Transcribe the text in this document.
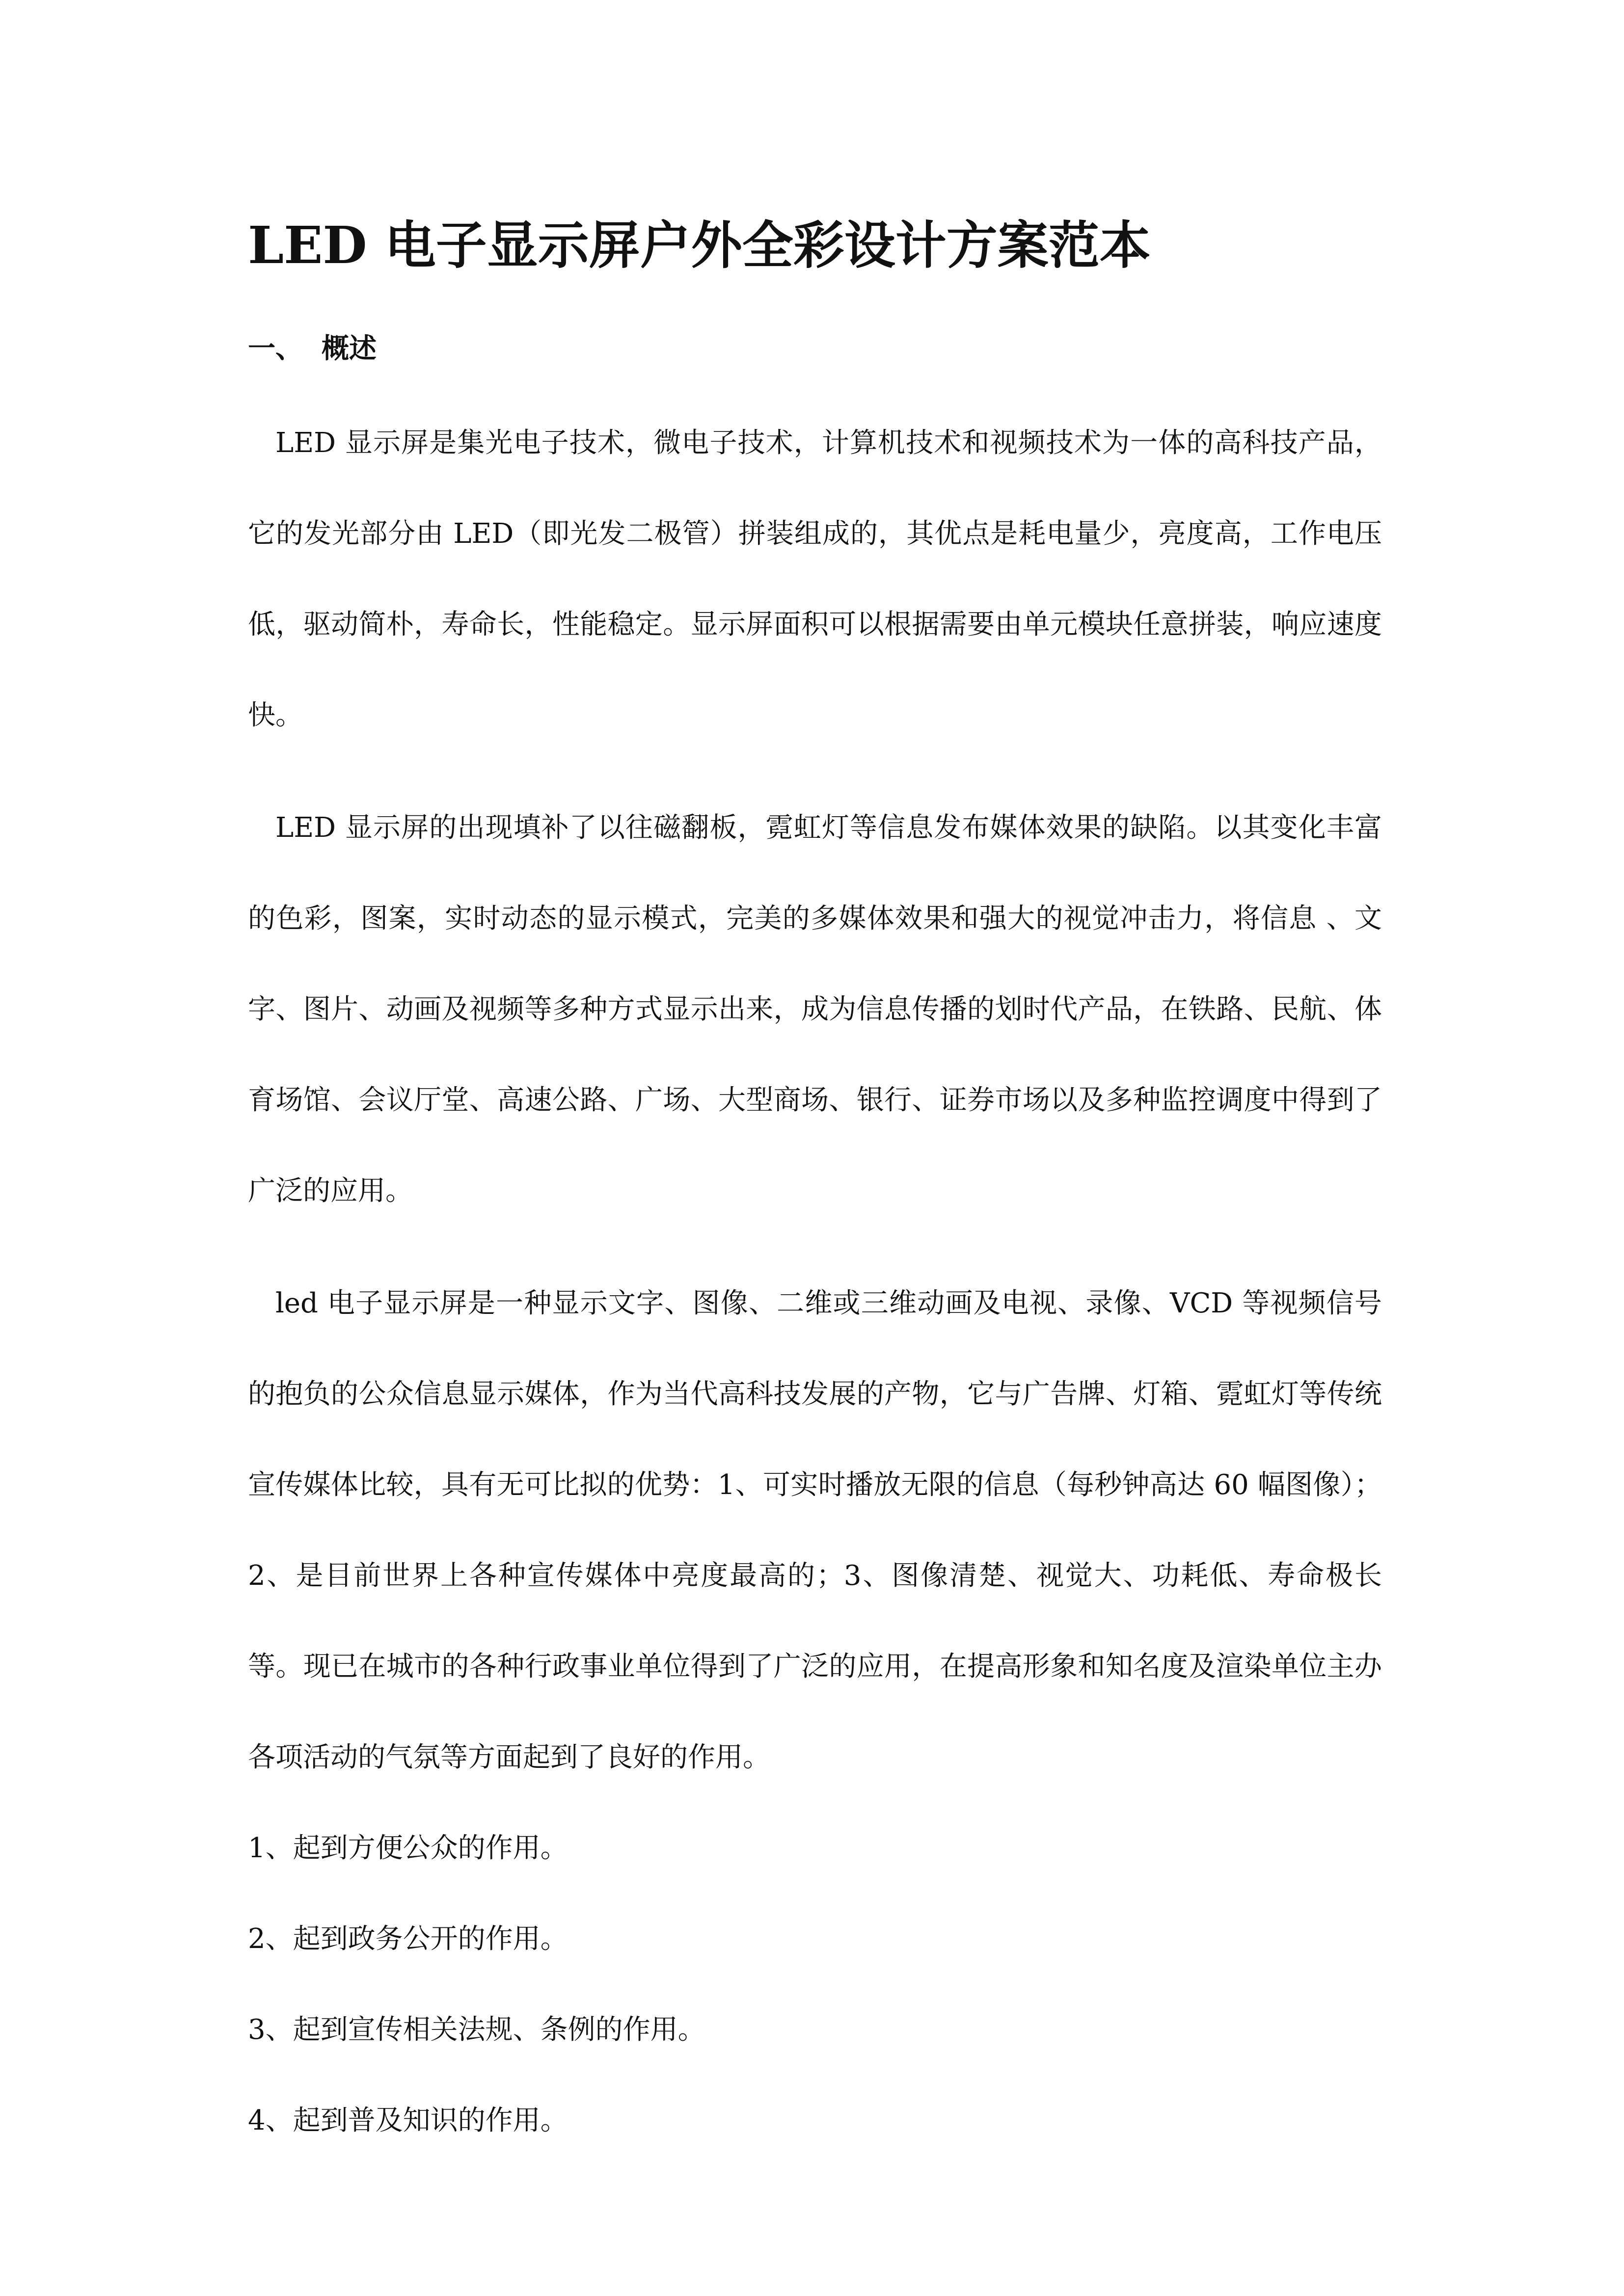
LED 电子显示屏户外全彩设计方案范本
一、 概述

LED 显示屏是集光电子技术，微电子技术，计算机技术和视频技术为一体的高科技产品，它的发光部分由 LED（即光发二极管）拼装组成的，其优点是耗电量少，亮度高，工作电压低，驱动简朴，寿命长，性能稳定。显示屏面积可以根据需要由单元模块任意拼装，响应速度快。

LED 显示屏的出现填补了以往磁翻板，霓虹灯等信息发布媒体效果的缺陷。以其变化丰富的色彩，图案，实时动态的显示模式，完美的多媒体效果和强大的视觉冲击力，将信息 、文字、图片、动画及视频等多种方式显示出来，成为信息传播的划时代产品，在铁路、民航、体育场馆、会议厅堂、高速公路、广场、大型商场、银行、证券市场以及多种监控调度中得到了广泛的应用。

led 电子显示屏是一种显示文字、图像、二维或三维动画及电视、录像、VCD 等视频信号的抱负的公众信息显示媒体，作为当代高科技发展的产物，它与广告牌、灯箱、霓虹灯等传统宣传媒体比较，具有无可比拟的优势：1、可实时播放无限的信息（每秒钟高达 60 幅图像）；2、是目前世界上各种宣传媒体中亮度最高的；3、图像清楚、视觉大、功耗低、寿命极长等。现已在城市的各种行政事业单位得到了广泛的应用，在提高形象和知名度及渲染单位主办各项活动的气氛等方面起到了良好的作用。

1、起到方便公众的作用。
2、起到政务公开的作用。
3、起到宣传相关法规、条例的作用。
4、起到普及知识的作用。
